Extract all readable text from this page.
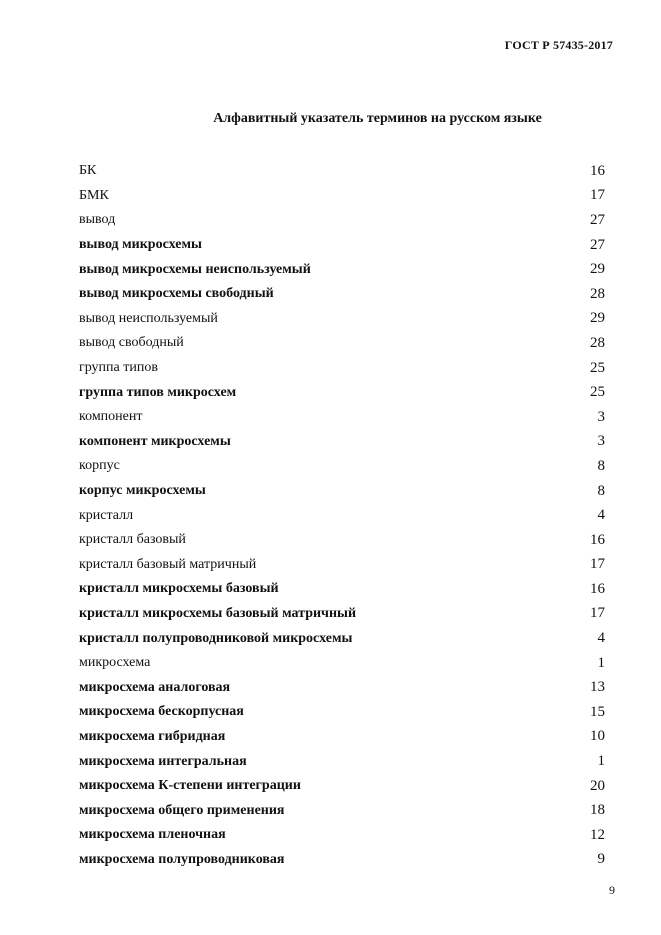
ГОСТ Р 57435-2017
Алфавитный указатель терминов на русском языке
БК	16
БМК	17
вывод	27
вывод микросхемы	27
вывод микросхемы неиспользуемый	29
вывод микросхемы свободный	28
вывод неиспользуемый	29
вывод свободный	28
группа типов	25
группа типов микросхем	25
компонент	3
компонент микросхемы	3
корпус	8
корпус микросхемы	8
кристалл	4
кристалл базовый	16
кристалл базовый матричный	17
кристалл микросхемы базовый	16
кристалл микросхемы базовый матричный	17
кристалл полупроводниковой микросхемы	4
микросхема	1
микросхема аналоговая	13
микросхема бескорпусная	15
микросхема гибридная	10
микросхема интегральная	1
микросхема К-степени интеграции	20
микросхема общего применения	18
микросхема пленочная	12
микросхема полупроводниковая	9
9
